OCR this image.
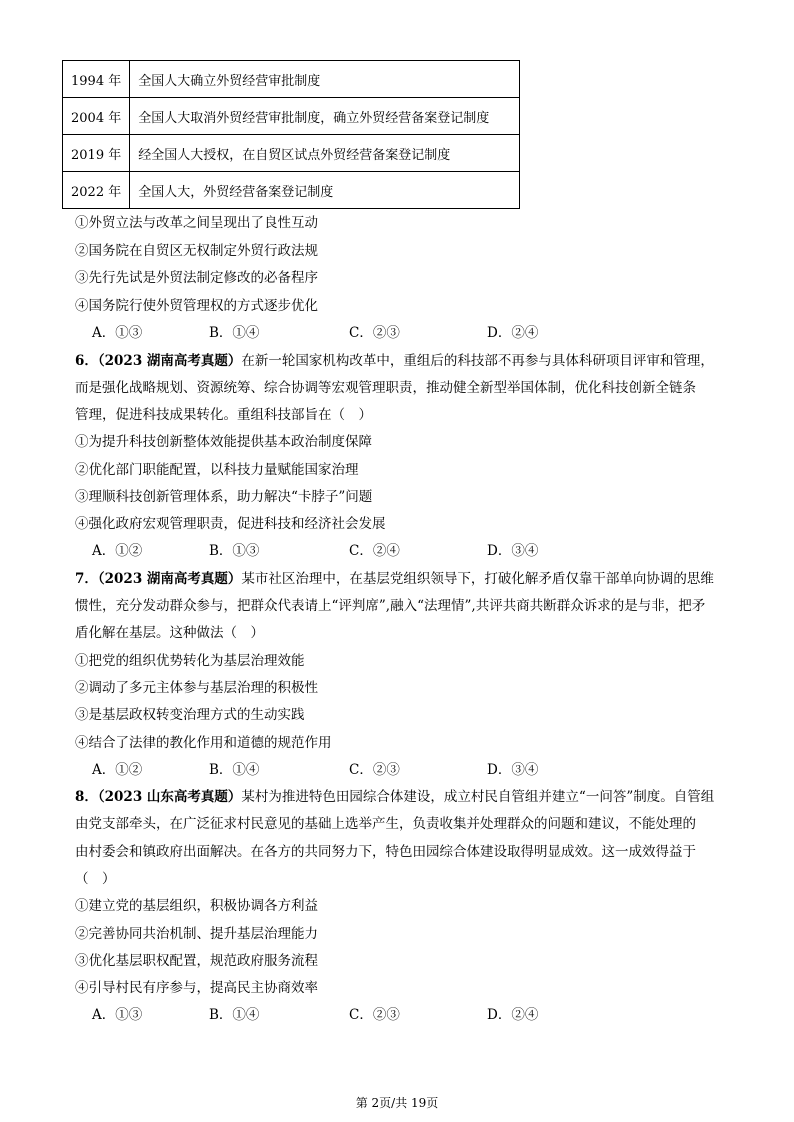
1994 年	全国人大确立外贸经营审批制度
2004 年	全国人大取消外贸经营审批制度，确立外贸经营备案登记制度
2019 年	经全国人大授权，在自贸区试点外贸经营备案登记制度
2022 年	全国人大，外贸经营备案登记制度
①外贸立法与改革之间呈现出了良性互动
②国务院在自贸区无权制定外贸行政法规
③先行先试是外贸法制定修改的必备程序
④国务院行使外贸管理权的方式逐步优化
A．①③	B．①④	C．②③	D．②④
6．（2023 湖南高考真题）在新一轮国家机构改革中，重组后的科技部不再参与具体科研项目评审和管理，
而是强化战略规划、资源统筹、综合协调等宏观管理职责，推动健全新型举国体制，优化科技创新全链条
管理，促进科技成果转化。重组科技部旨在（　）
①为提升科技创新整体效能提供基本政治制度保障
②优化部门职能配置，以科技力量赋能国家治理
③理顺科技创新管理体系，助力解决“卡脖子”问题
④强化政府宏观管理职责，促进科技和经济社会发展
A．①②	B．①③	C．②④	D．③④
7．（2023 湖南高考真题）某市社区治理中，在基层党组织领导下，打破化解矛盾仅靠干部单向协调的思维
惯性，充分发动群众参与，把群众代表请上“评判席”,融入“法理情”,共评共商共断群众诉求的是与非，把矛
盾化解在基层。这种做法（　）
①把党的组织优势转化为基层治理效能
②调动了多元主体参与基层治理的积极性
③是基层政权转变治理方式的生动实践
④结合了法律的教化作用和道德的规范作用
A．①②	B．①④	C．②③	D．③④
8．（2023 山东高考真题）某村为推进特色田园综合体建设，成立村民自管组并建立“一问答”制度。自管组
由党支部牵头，在广泛征求村民意见的基础上选举产生，负责收集并处理群众的问题和建议，不能处理的
由村委会和镇政府出面解决。在各方的共同努力下，特色田园综合体建设取得明显成效。这一成效得益于
（　）
①建立党的基层组织，积极协调各方利益
②完善协同共治机制、提升基层治理能力
③优化基层职权配置，规范政府服务流程
④引导村民有序参与，提高民主协商效率
A．①③	B．①④	C．②③	D．②④
第 2页/共 19页
